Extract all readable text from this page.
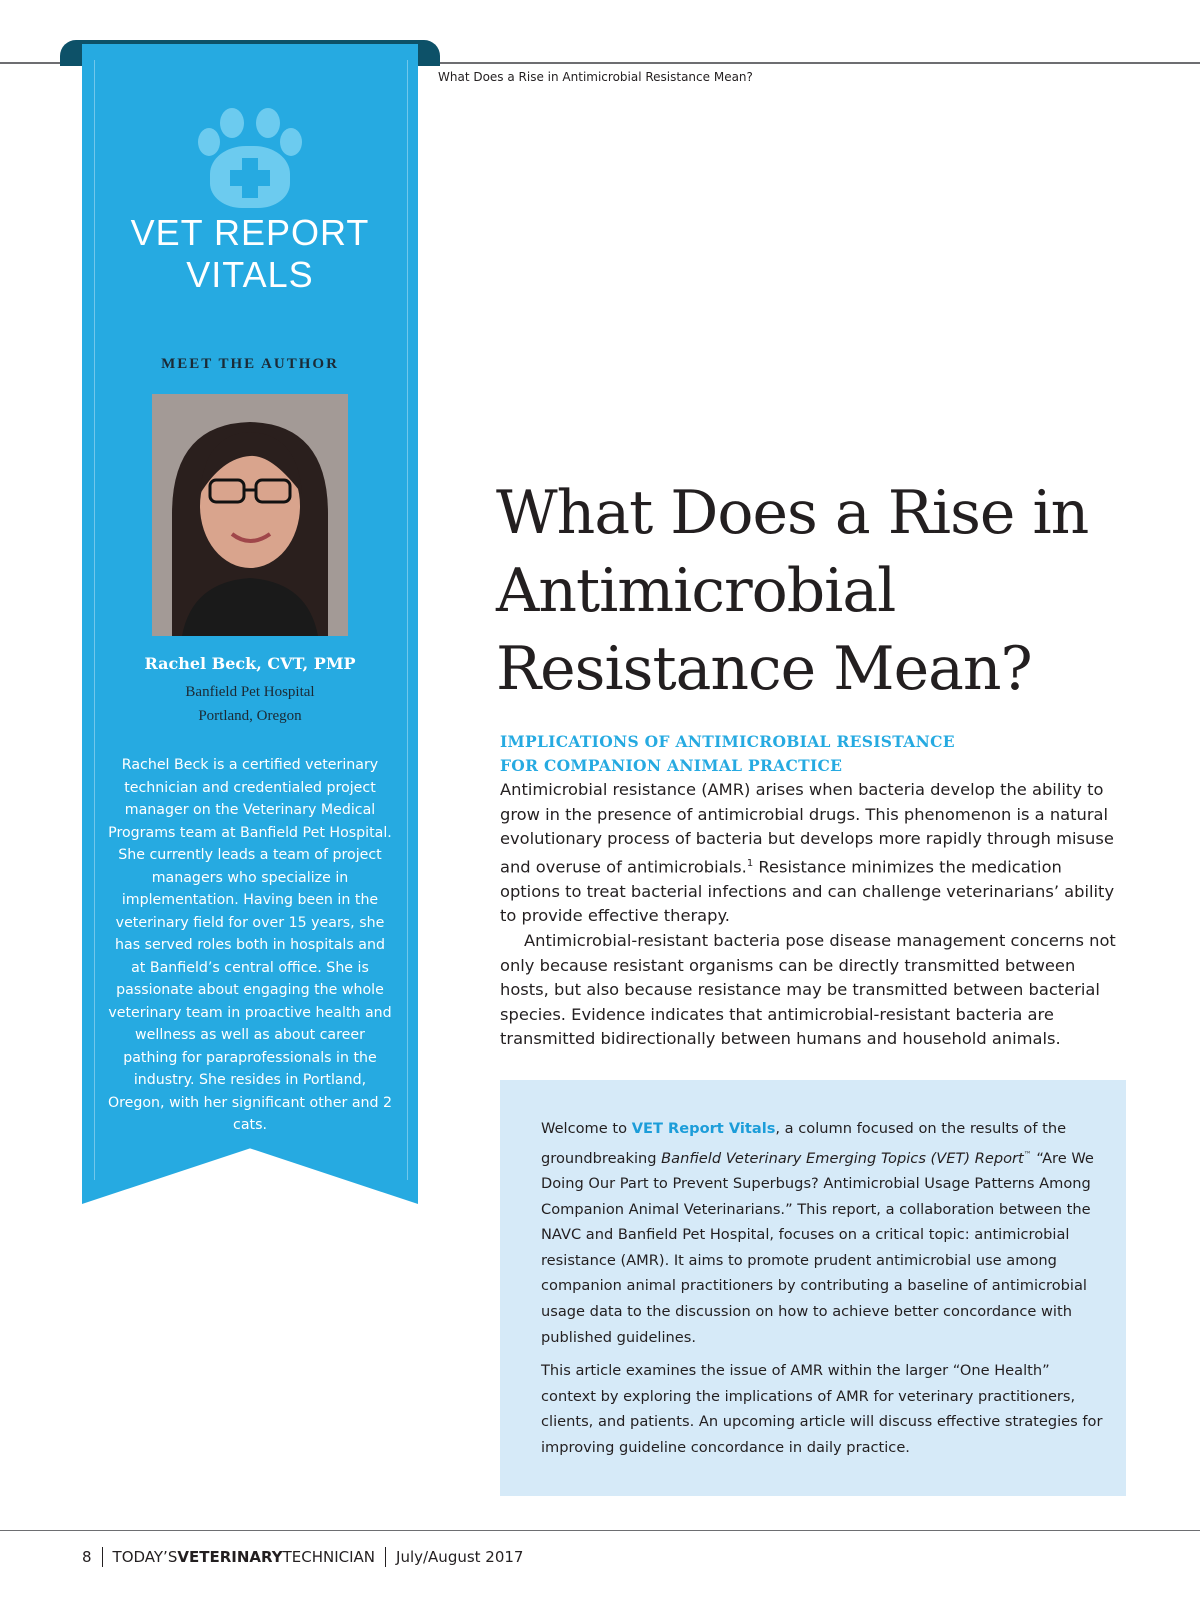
What Does a Rise in Antimicrobial Resistance Mean?
VET REPORT
VITALS
MEET THE AUTHOR
Rachel Beck, CVT, PMP
Banfield Pet Hospital
Portland, Oregon
Rachel Beck is a certified veterinary technician and credentialed project manager on the Veterinary Medical Programs team at Banfield Pet Hospital. She currently leads a team of project managers who specialize in implementation. Having been in the veterinary field for over 15 years, she has served roles both in hospitals and at Banfield’s central office. She is passionate about engaging the whole veterinary team in proactive health and wellness as well as about career pathing for paraprofessionals in the industry. She resides in Portland, Oregon, with her significant other and 2 cats.
What Does a Rise in Antimicrobial Resistance Mean?
IMPLICATIONS OF ANTIMICROBIAL RESISTANCE
FOR COMPANION ANIMAL PRACTICE

Antimicrobial resistance (AMR) arises when bacteria develop the ability to grow in the presence of antimicrobial drugs. This phenomenon is a natural evolutionary process of bacteria but develops more rapidly through misuse and overuse of antimicrobials.$^1$ Resistance minimizes the medication options to treat bacterial infections and can challenge veterinarians’ ability to provide effective therapy.

Antimicrobial-resistant bacteria pose disease management concerns not only because resistant organisms can be directly transmitted between hosts, but also because resistance may be transmitted between bacterial species. Evidence indicates that antimicrobial-resistant bacteria are transmitted bidirectionally between humans and household animals.

Welcome to VET Report Vitals, a column focused on the results of the groundbreaking Banfield Veterinary Emerging Topics (VET) Report™ “Are We Doing Our Part to Prevent Superbugs? Antimicrobial Usage Patterns Among Companion Animal Veterinarians.” This report, a collaboration between the NAVC and Banfield Pet Hospital, focuses on a critical topic: antimicrobial resistance (AMR). It aims to promote prudent antimicrobial use among companion animal practitioners by contributing a baseline of antimicrobial usage data to the discussion on how to achieve better concordance with published guidelines.

This article examines the issue of AMR within the larger “One Health” context by exploring the implications of AMR for veterinary practitioners, clients, and patients. An upcoming article will discuss effective strategies for improving guideline concordance in daily practice.

8 TODAY’SVETERINARYTECHNICIAN July/August 2017
